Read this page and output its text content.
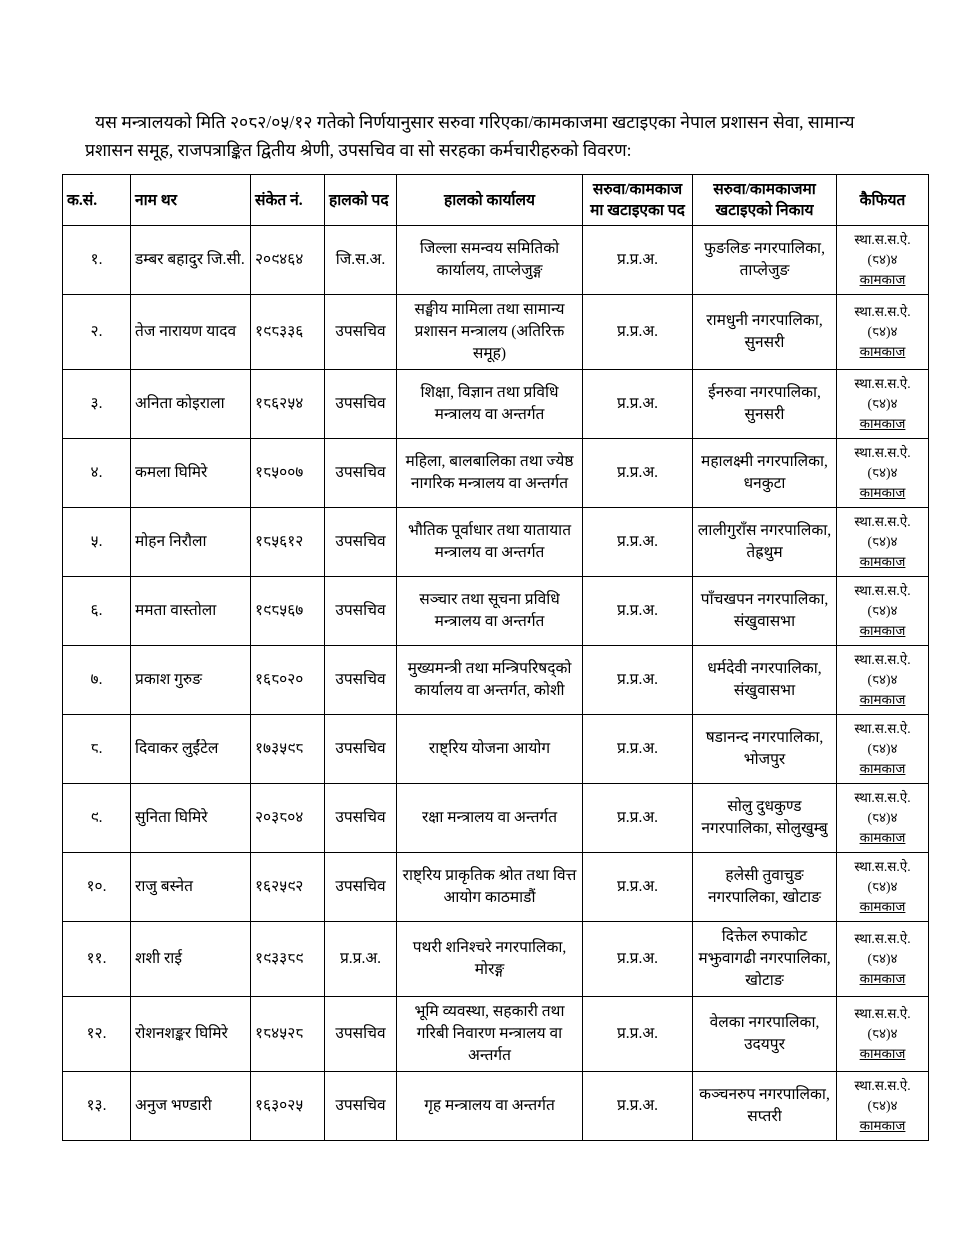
यस मन्त्रालयको मिति २०८२/०५/१२ गतेको निर्णयानुसार सरुवा गरिएका/कामकाजमा खटाइएका नेपाल प्रशासन सेवा, सामान्य प्रशासन समूह, राजपत्राङ्कित द्वितीय श्रेणी, उपसचिव वा सो सरहका कर्मचारीहरुको विवरण:

क.सं.	नाम थर	संकेत नं.	हालको पद	हालको कार्यालय	सरुवा/कामकाज मा खटाइएका पद	सरुवा/कामकाजमा खटाइएको निकाय	कैफियत
१.	डम्बर बहादुर जि.सी.	२०९४६४	जि.स.अ.	जिल्ला समन्वय समितिको कार्यालय, ताप्लेजुङ्ग	प्र.प्र.अ.	फुङलिङ नगरपालिका, ताप्लेजुङ	स्था.स.स.ऐ.
(८४)४
कामकाज

२.	तेज नारायण यादव	१९८३३६	उपसचिव	सङ्घीय मामिला तथा सामान्य प्रशासन मन्त्रालय (अतिरिक्त समूह)	प्र.प्र.अ.	रामधुनी नगरपालिका, सुनसरी	स्था.स.स.ऐ.
(८४)४
कामकाज

३.	अनिता कोइराला	१८६२५४	उपसचिव	शिक्षा, विज्ञान तथा प्रविधि मन्त्रालय वा अन्तर्गत	प्र.प्र.अ.	ईनरुवा नगरपालिका, सुनसरी	स्था.स.स.ऐ.
(८४)४
कामकाज

४.	कमला घिमिरे	१८५००७	उपसचिव	महिला, बालबालिका तथा ज्येष्ठ नागरिक मन्त्रालय वा अन्तर्गत	प्र.प्र.अ.	महालक्ष्मी नगरपालिका, धनकुटा	स्था.स.स.ऐ.
(८४)४
कामकाज

५.	मोहन निरौला	१८५६१२	उपसचिव	भौतिक पूर्वाधार तथा यातायात मन्त्रालय वा अन्तर्गत	प्र.प्र.अ.	लालीगुराँस नगरपालिका, तेह्रथुम	स्था.स.स.ऐ.
(८४)४
कामकाज

६.	ममता वास्तोला	१९८५६७	उपसचिव	सञ्चार तथा सूचना प्रविधि मन्त्रालय वा अन्तर्गत	प्र.प्र.अ.	पाँचखपन नगरपालिका, संखुवासभा	स्था.स.स.ऐ.
(८४)४
कामकाज

७.	प्रकाश गुरुङ	१६८०२०	उपसचिव	मुख्यमन्त्री तथा मन्त्रिपरिषद्को कार्यालय वा अन्तर्गत, कोशी	प्र.प्र.अ.	धर्मदेवी नगरपालिका, संखुवासभा	स्था.स.स.ऐ.
(८४)४
कामकाज

८.	दिवाकर लुईंटेल	१७३५९८	उपसचिव	राष्ट्रिय योजना आयोग	प्र.प्र.अ.	षडानन्द नगरपालिका, भोजपुर	स्था.स.स.ऐ.
(८४)४
कामकाज

९.	सुनिता घिमिरे	२०३८०४	उपसचिव	रक्षा मन्त्रालय वा अन्तर्गत	प्र.प्र.अ.	सोलु दुधकुण्ड नगरपालिका, सोलुखुम्बु	स्था.स.स.ऐ.
(८४)४
कामकाज

१०.	राजु बस्नेत	१६२५९२	उपसचिव	राष्ट्रिय प्राकृतिक श्रोत तथा वित्त आयोग काठमाडौं	प्र.प्र.अ.	हलेसी तुवाचुङ नगरपालिका, खोटाङ	स्था.स.स.ऐ.
(८४)४
कामकाज

११.	शशी राई	१९३३८९	प्र.प्र.अ.	पथरी शनिश्चरे नगरपालिका, मोरङ्ग	प्र.प्र.अ.	दिक्तेल रुपाकोट मझुवागढी नगरपालिका, खोटाङ	स्था.स.स.ऐ.
(८४)४
कामकाज

१२.	रोशनशङ्कर घिमिरे	१८४५२८	उपसचिव	भूमि व्यवस्था, सहकारी तथा गरिबी निवारण मन्त्रालय वा अन्तर्गत	प्र.प्र.अ.	वेलका नगरपालिका, उदयपुर	स्था.स.स.ऐ.
(८४)४
कामकाज

१३.	अनुज भण्डारी	१६३०२५	उपसचिव	गृह मन्त्रालय वा अन्तर्गत	प्र.प्र.अ.	कञ्चनरुप नगरपालिका, सप्तरी	स्था.स.स.ऐ.
(८४)४
कामकाज
